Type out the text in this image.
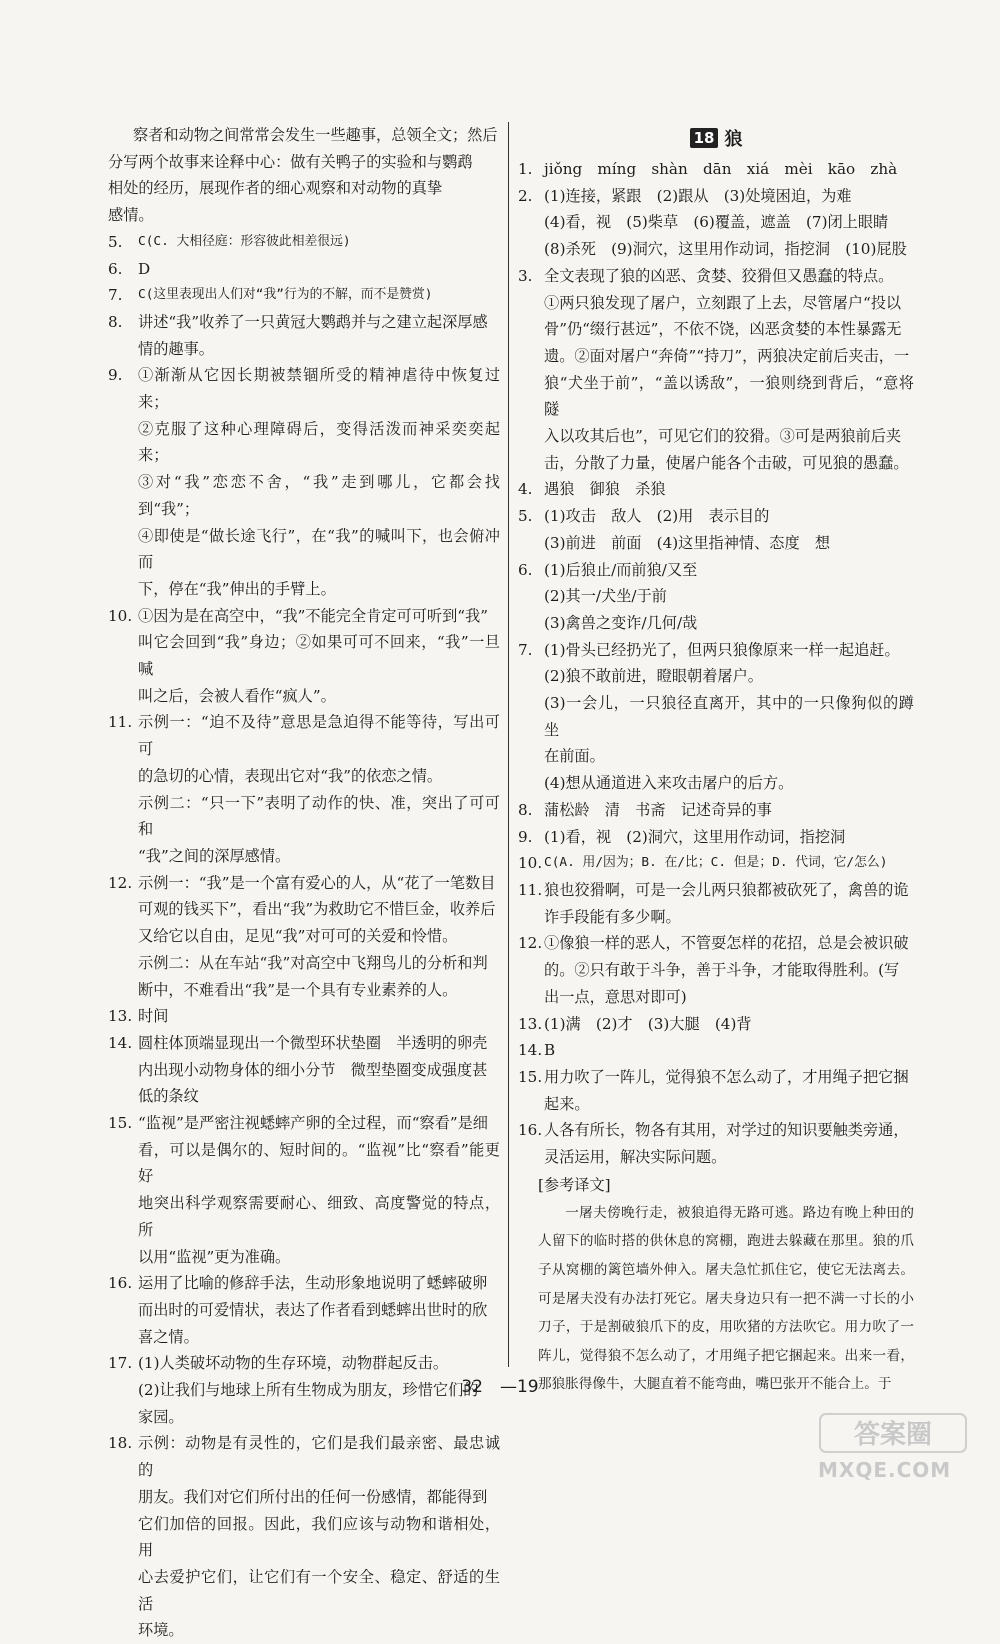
察者和动物之间常常会发生一些趣事，总领全文；然后
分写两个故事来诠释中心：做有关鸭子的实验和与鹦鹉
相处的经历，展现作者的细心观察和对动物的真挚
感情。
5.	C(C. 大相径庭：形容彼此相差很远)
6.	D
7.	C(这里表现出人们对“我”行为的不解，而不是赞赏)
8.	讲述“我”收养了一只黄冠大鹦鹉并与之建立起深厚感
情的趣事。
9.	①渐渐从它因长期被禁锢所受的精神虐待中恢复过来；
②克服了这种心理障碍后，变得活泼而神采奕奕起来；
③对“我”恋恋不舍，“我”走到哪儿，它都会找到“我”；
④即使是“做长途飞行”，在“我”的喊叫下，也会俯冲而
下，停在“我”伸出的手臂上。
10. ①因为是在高空中，“我”不能完全肯定可可听到“我”
叫它会回到“我”身边；②如果可可不回来，“我”一旦喊
叫之后，会被人看作“疯人”。
11. 示例一：“迫不及待”意思是急迫得不能等待，写出可可
的急切的心情，表现出它对“我”的依恋之情。
示例二：“只一下”表明了动作的快、准，突出了可可和
“我”之间的深厚感情。
12. 示例一：“我”是一个富有爱心的人，从“花了一笔数目
可观的钱买下”，看出“我”为救助它不惜巨金，收养后
又给它以自由，足见“我”对可可的关爱和怜惜。
示例二：从在车站“我”对高空中飞翔鸟儿的分析和判
断中，不难看出“我”是一个具有专业素养的人。
13. 时间
14. 圆柱体顶端显现出一个微型环状垫圈　半透明的卵壳
内出现小动物身体的细小分节　微型垫圈变成强度甚
低的条纹
15. “监视”是严密注视蟋蟀产卵的全过程，而“察看”是细
看，可以是偶尔的、短时间的。“监视”比“察看”能更好
地突出科学观察需要耐心、细致、高度警觉的特点，所
以用“监视”更为准确。
16. 运用了比喻的修辞手法，生动形象地说明了蟋蟀破卵
而出时的可爱情状，表达了作者看到蟋蟀出世时的欣
喜之情。
17. (1)人类破坏动物的生存环境，动物群起反击。
(2)让我们与地球上所有生物成为朋友，珍惜它们的
家园。
18. 示例：动物是有灵性的，它们是我们最亲密、最忠诚的
朋友。我们对它们所付出的任何一份感情，都能得到
它们加倍的回报。因此，我们应该与动物和谐相处，用
心去爱护它们，让它们有一个安全、稳定、舒适的生活
环境。
18 狼
1. jiǒng　míng　shàn　dān　xiá　mèi　kāo　zhà
2. (1)连接，紧跟　(2)跟从　(3)处境困迫，为难
(4)看，视　(5)柴草　(6)覆盖，遮盖　(7)闭上眼睛
(8)杀死　(9)洞穴，这里用作动词，指挖洞　(10)屁股
3. 全文表现了狼的凶恶、贪婪、狡猾但又愚蠢的特点。
①两只狼发现了屠户，立刻跟了上去，尽管屠户“投以
骨”仍“缀行甚远”，不依不饶，凶恶贪婪的本性暴露无
遗。②面对屠户“奔倚”“持刀”，两狼决定前后夹击，一
狼“犬坐于前”，“盖以诱敌”，一狼则绕到背后，“意将隧
入以攻其后也”，可见它们的狡猾。③可是两狼前后夹
击，分散了力量，使屠户能各个击破，可见狼的愚蠢。
4. 遇狼　御狼　杀狼
5. (1)攻击　敌人　(2)用　表示目的
(3)前进　前面　(4)这里指神情、态度　想
6. (1)后狼止/而前狼/又至
(2)其一/犬坐/于前
(3)禽兽之变诈/几何/哉
7. (1)骨头已经扔光了，但两只狼像原来一样一起追赶。
(2)狼不敢前进，瞪眼朝着屠户。
(3)一会儿，一只狼径直离开，其中的一只像狗似的蹲坐
在前面。
(4)想从通道进入来攻击屠户的后方。
8. 蒲松龄　清　书斋　记述奇异的事
9. (1)看，视　(2)洞穴，这里用作动词，指挖洞
10. C(A. 用/因为；B. 在/比；C. 但是；D. 代词，它/怎么)
11. 狼也狡猾啊，可是一会儿两只狼都被砍死了，禽兽的诡
诈手段能有多少啊。
12. ①像狼一样的恶人，不管耍怎样的花招，总是会被识破
的。②只有敢于斗争，善于斗争，才能取得胜利。(写
出一点，意思对即可)
13. (1)满　(2)才　(3)大腿　(4)背
14. B
15. 用力吹了一阵儿，觉得狼不怎么动了，才用绳子把它捆
起来。
16. 人各有所长，物各有其用，对学过的知识要触类旁通，
灵活运用，解决实际问题。
[参考译文]
一屠夫傍晚行走，被狼追得无路可逃。路边有晚上种田的人留下的临时搭的供休息的窝棚，跑进去躲藏在那里。狼的爪子从窝棚的篱笆墙外伸入。屠夫急忙抓住它，使它无法离去。可是屠夫没有办法打死它。屠夫身边只有一把不满一寸长的小刀子，于是割破狼爪下的皮，用吹猪的方法吹它。用力吹了一阵儿，觉得狼不怎么动了，才用绳子把它捆起来。出来一看，那狼胀得像牛，大腿直着不能弯曲，嘴巴张开不能合上。于
32　—19
答案圈
MXQE.COM
